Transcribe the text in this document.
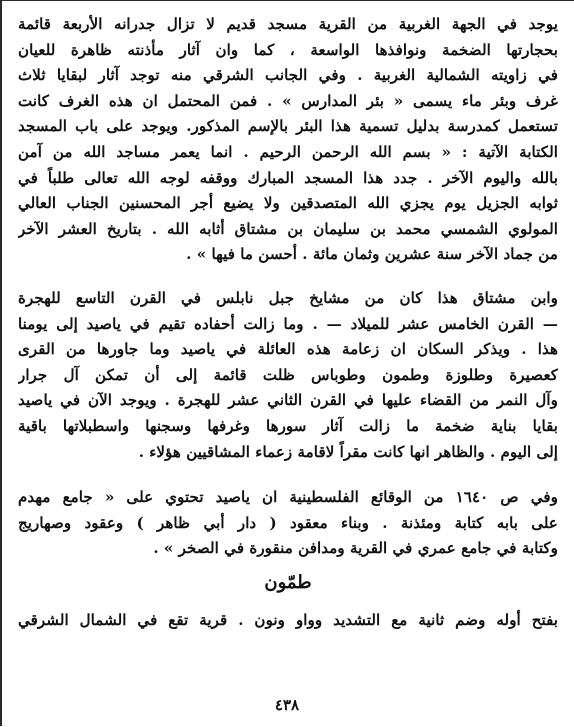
يوجد في الجهة الغربية من القرية مسجد قديم لا تزال جدرانه الأربعة قائمة
بحجارتها الضخمة ونوافذها الواسعة ، كما وان آثار مأذنته ظاهرة للعيان
في زاويته الشمالية الغربية . وفي الجانب الشرقي منه توجد آثار لبقايا ثلاث
غرف وبئر ماء يسمى « بئر المدارس » . فمن المحتمل ان هذه الغرف كانت
تستعمل كمدرسة بدليل تسمية هذا البئر بالإسم المذكور. ويوجد على باب المسجد
الكتابة الآتية : « بسم الله الرحمن الرحيم . انما يعمر مساجد الله من آمن
بالله واليوم الآخر . جدد هذا المسجد المبارك ووقفه لوجه الله تعالى طلباً في
ثوابه الجزيل يوم يجزي الله المتصدقين ولا يضيع أجر المحسنين الجناب العالي
المولوي الشمسي محمد بن سليمان بن مشتاق أثابه الله . بتاريخ العشر الآخر
من جماد الآخر سنة عشرين وثمان مائة . أحسن ما فيها » .
وابن مشتاق هذا كان من مشايخ جبل نابلس في القرن التاسع للهجرة
— القرن الخامس عشر للميلاد — . وما زالت أحفاده تقيم في ياصيد إلى يومنا
هذا . ويذكر السكان ان زعامة هذه العائلة في ياصيد وما جاورها من القرى
كعصيرة وطلوزة وطمون وطوباس ظلت قائمة إلى أن تمكن آل جرار
وآل النمر من القضاء عليها في القرن الثاني عشر للهجرة . ويوجد الآن في ياصيد
بقايا بناية ضخمة ما زالت آثار سورها وغرفها وسجنها واسطبلاتها باقية
إلى اليوم . والظاهر انها كانت مقراً لاقامة زعماء المشاقيين هؤلاء .
وفي ص ١٦٤٠ من الوقائع الفلسطينية ان ياصيد تحتوي على « جامع مهدم
على بابه كتابة ومئذنة . وبناء معقود ( دار أبي ظاهر ) وعقود وصهاريج
وكتابة في جامع عمري في القرية ومدافن منقورة في الصخر » .
طمّون
بفتح أوله وضم ثانية مع التشديد وواو ونون . قرية تقع في الشمال الشرقي
٤٣٨
